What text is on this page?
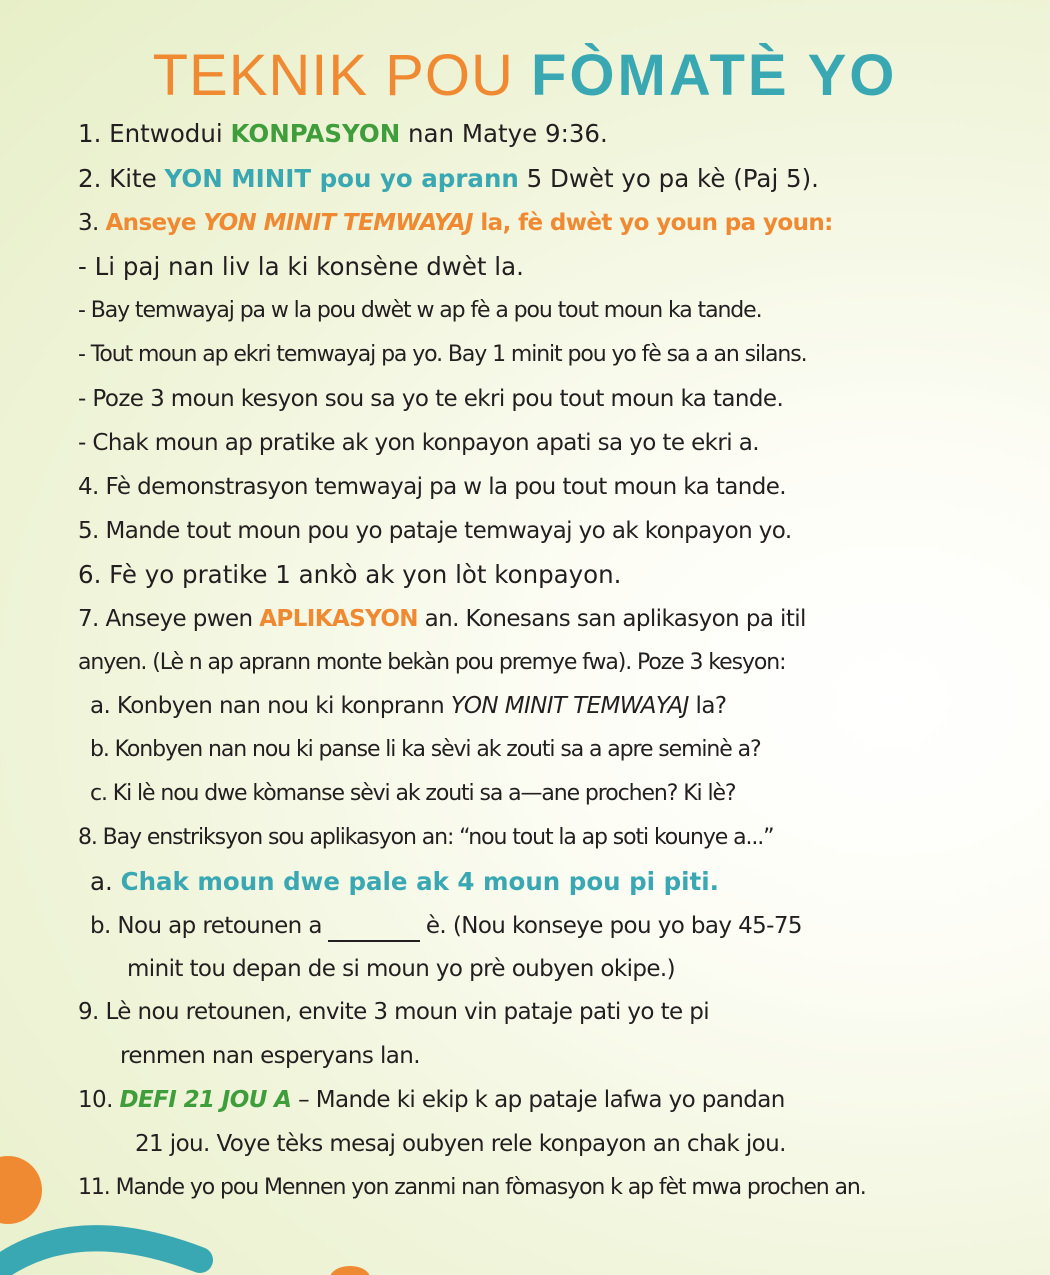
TEKNIK POU FÒMATÈ YO
1. Entwodui KONPASYON nan Matye 9:36.
2. Kite YON MINIT pou yo aprann 5 Dwèt yo pa kè (Paj 5).
3. Anseye YON MINIT TEMWAYAJ la, fè dwèt yo youn pa youn:
- Li paj nan liv la ki konsène dwèt la.
- Bay temwayaj pa w la pou dwèt w ap fè a pou tout moun ka tande.
- Tout moun ap ekri temwayaj pa yo. Bay 1 minit pou yo fè sa a an silans.
- Poze 3 moun kesyon sou sa yo te ekri pou tout moun ka tande.
- Chak moun ap pratike ak yon konpayon apati sa yo te ekri a.
4. Fè demonstrasyon temwayaj pa w la pou tout moun ka tande.
5. Mande tout moun pou yo pataje temwayaj yo ak konpayon yo.
6. Fè yo pratike 1 ankò ak yon lòt konpayon.
7. Anseye pwen APLIKASYON an. Konesans san aplikasyon pa itil
anyen. (Lè n ap aprann monte bekàn pou premye fwa). Poze 3 kesyon:
a. Konbyen nan nou ki konprann YON MINIT TEMWAYAJ la?
b. Konbyen nan nou ki panse li ka sèvi ak zouti sa a apre seminè a?
c. Ki lè nou dwe kòmanse sèvi ak zouti sa a—ane prochen? Ki lè?
8. Bay enstriksyon sou aplikasyon an: “nou tout la ap soti kounye a...”
a. Chak moun dwe pale ak 4 moun pou pi piti.
b. Nou ap retounen a	è. (Nou konseye pou yo bay 45-75
minit tou depan de si moun yo prè oubyen okipe.)
9. Lè nou retounen, envite 3 moun vin pataje pati yo te pi
renmen nan esperyans lan.
10. DEFI 21 JOU A – Mande ki ekip k ap pataje lafwa yo pandan
21 jou. Voye tèks mesaj oubyen rele konpayon an chak jou.
11. Mande yo pou Mennen yon zanmi nan fòmasyon k ap fèt mwa prochen an.
